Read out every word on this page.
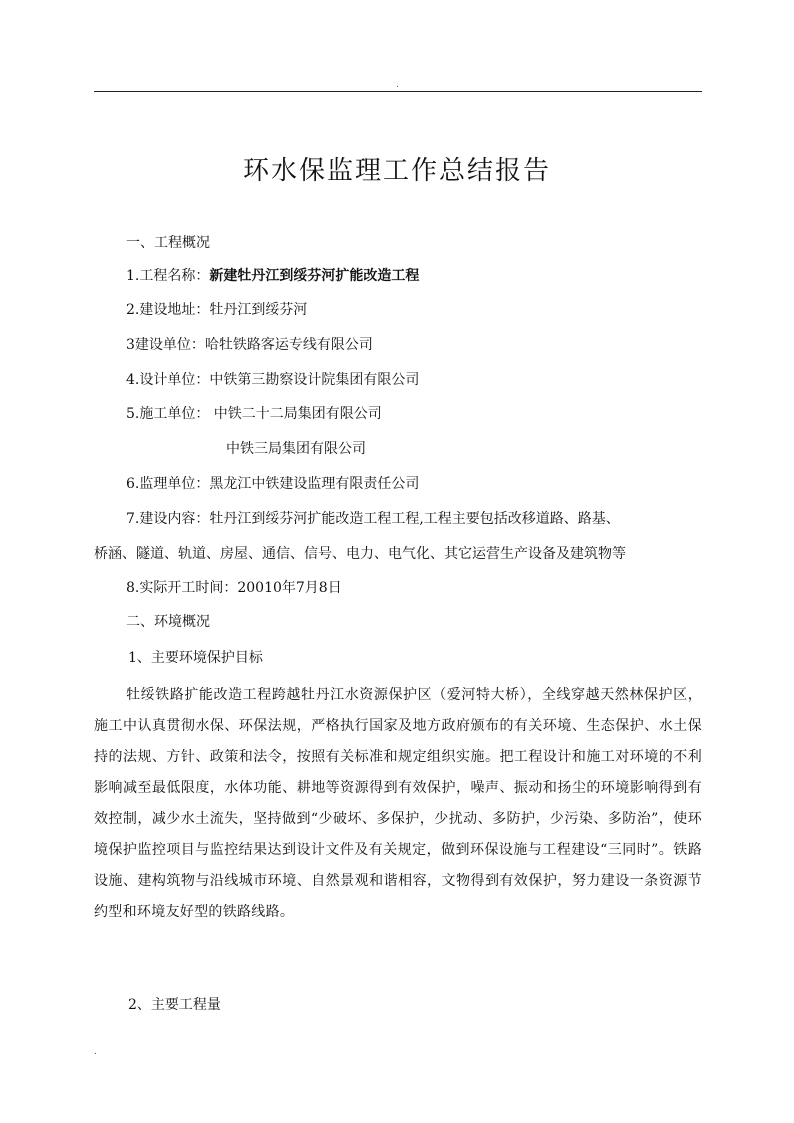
.
环水保监理工作总结报告
一、工程概况
1.工程名称：新建牡丹江到绥芬河扩能改造工程
2.建设地址：牡丹江到绥芬河
3建设单位：哈牡铁路客运专线有限公司
4.设计单位：中铁第三勘察设计院集团有限公司
5.施工单位： 中铁二十二局集团有限公司
中铁三局集团有限公司
6.监理单位：黑龙江中铁建设监理有限责任公司
7.建设内容：牡丹江到绥芬河扩能改造工程工程,工程主要包括改移道路、路基、
桥涵、隧道、轨道、房屋、通信、信号、电力、电气化、其它运营生产设备及建筑物等
8.实际开工时间：20010年7月8日
二、环境概况
1、主要环境保护目标
牡绥铁路扩能改造工程跨越牡丹江水资源保护区（爱河特大桥），全线穿越天然林保护区，施工中认真贯彻水保、环保法规，严格执行国家及地方政府颁布的有关环境、生态保护、水土保持的法规、方针、政策和法令，按照有关标准和规定组织实施。把工程设计和施工对环境的不利影响减至最低限度，水体功能、耕地等资源得到有效保护，噪声、振动和扬尘的环境影响得到有效控制，减少水土流失，坚持做到“少破坏、多保护，少扰动、多防护，少污染、多防治”，使环境保护监控项目与监控结果达到设计文件及有关规定，做到环保设施与工程建设“三同时”。铁路设施、建构筑物与沿线城市环境、自然景观和谐相容，文物得到有效保护，努力建设一条资源节约型和环境友好型的铁路线路。
2、主要工程量
.
